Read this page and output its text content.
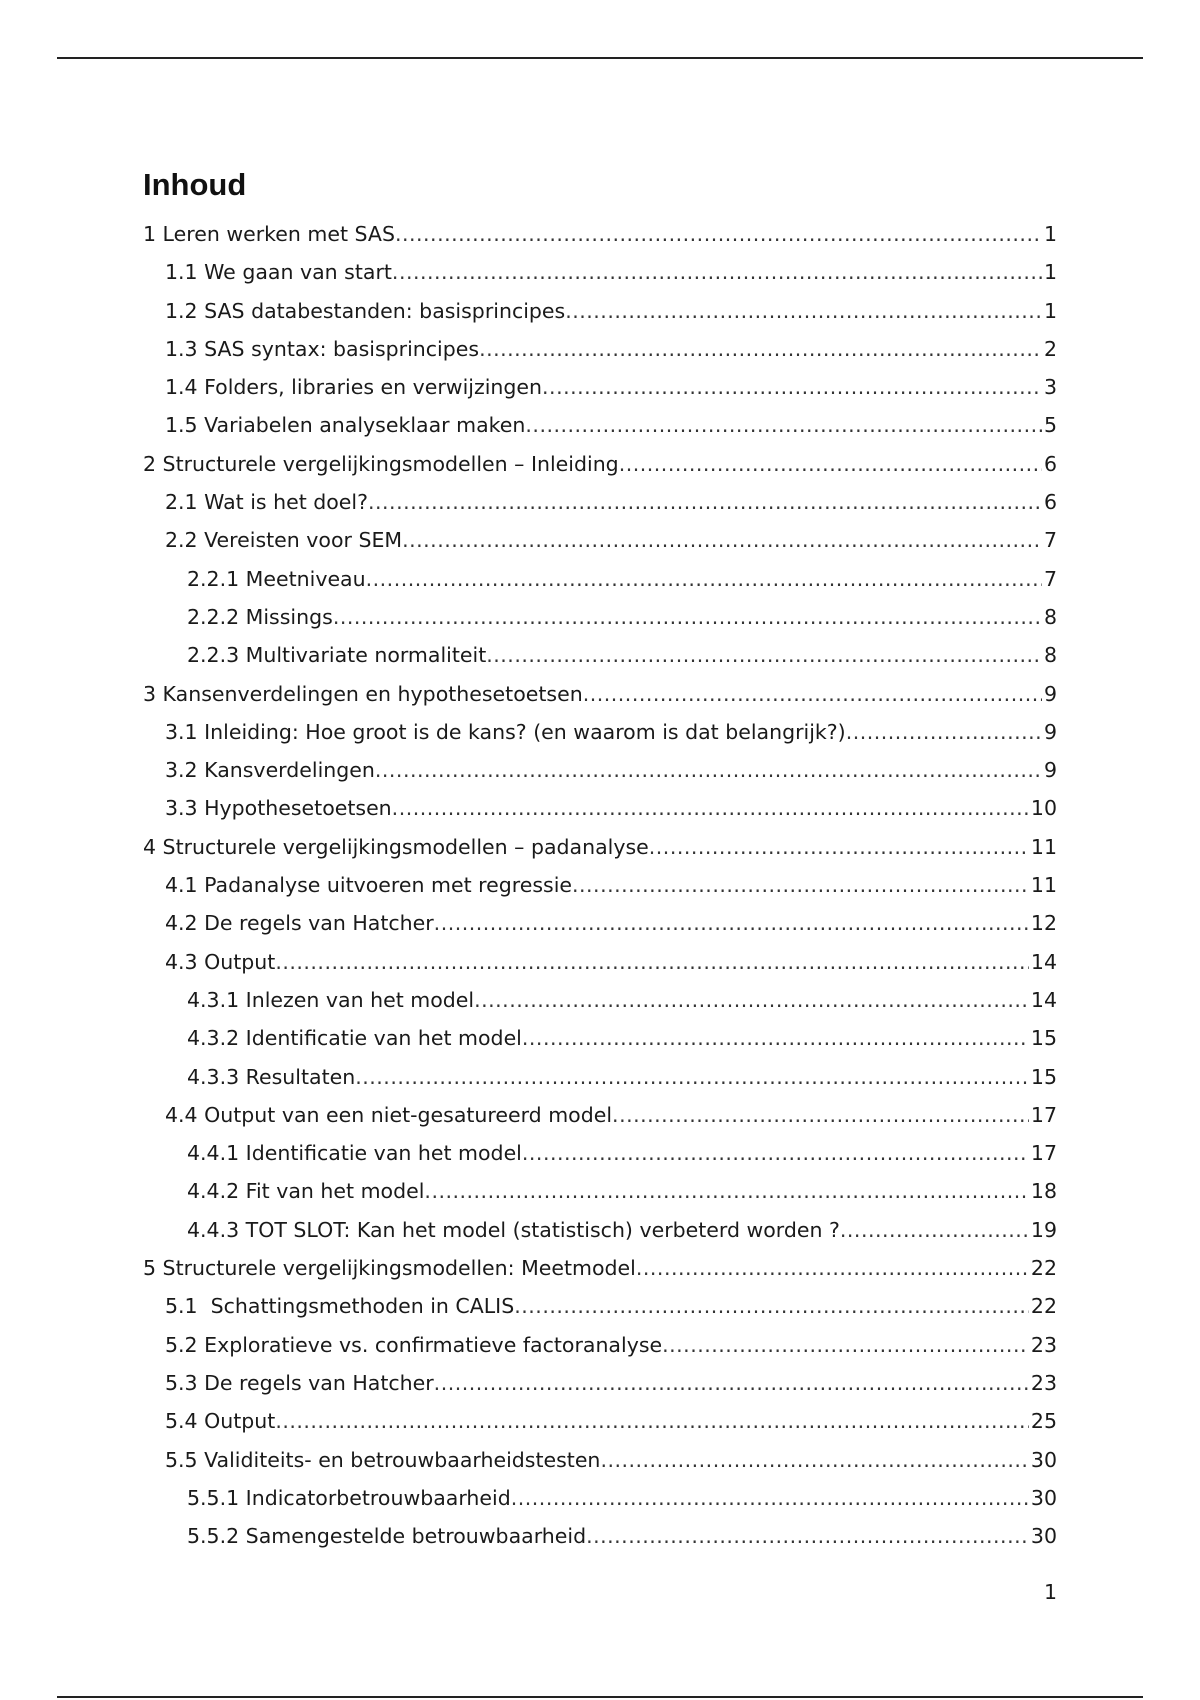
Inhoud
1 Leren werken met SAS .....	1
1.1 We gaan van start .....	1
1.2 SAS databestanden: basisprincipes .....	1
1.3 SAS syntax: basisprincipes .....	2
1.4 Folders, libraries en verwijzingen .....	3
1.5 Variabelen analyseklaar maken .....	5
2 Structurele vergelijkingsmodellen – Inleiding .....	6
2.1 Wat is het doel? .....	6
2.2 Vereisten voor SEM .....	7
2.2.1 Meetniveau .....	7
2.2.2 Missings .....	8
2.2.3 Multivariate normaliteit .....	8
3 Kansenverdelingen en hypothesetoetsen .....	9
3.1 Inleiding: Hoe groot is de kans? (en waarom is dat belangrijk?) .....	9
3.2 Kansverdelingen .....	9
3.3 Hypothesetoetsen .....	10
4 Structurele vergelijkingsmodellen – padanalyse .....	11
4.1 Padanalyse uitvoeren met regressie .....	11
4.2 De regels van Hatcher .....	12
4.3 Output .....	14
4.3.1 Inlezen van het model .....	14
4.3.2 Identificatie van het model .....	15
4.3.3 Resultaten .....	15
4.4 Output van een niet-gesatureerd model .....	17
4.4.1 Identificatie van het model .....	17
4.4.2 Fit van het model .....	18
4.4.3 TOT SLOT: Kan het model (statistisch) verbeterd worden ? .....	19
5 Structurele vergelijkingsmodellen: Meetmodel .....	22
5.1  Schattingsmethoden in CALIS .....	22
5.2 Exploratieve vs. confirmatieve factoranalyse .....	23
5.3 De regels van Hatcher .....	23
5.4 Output .....	25
5.5 Validiteits- en betrouwbaarheidstesten .....	30
5.5.1 Indicatorbetrouwbaarheid .....	30
5.5.2 Samengestelde betrouwbaarheid .....	30
1
